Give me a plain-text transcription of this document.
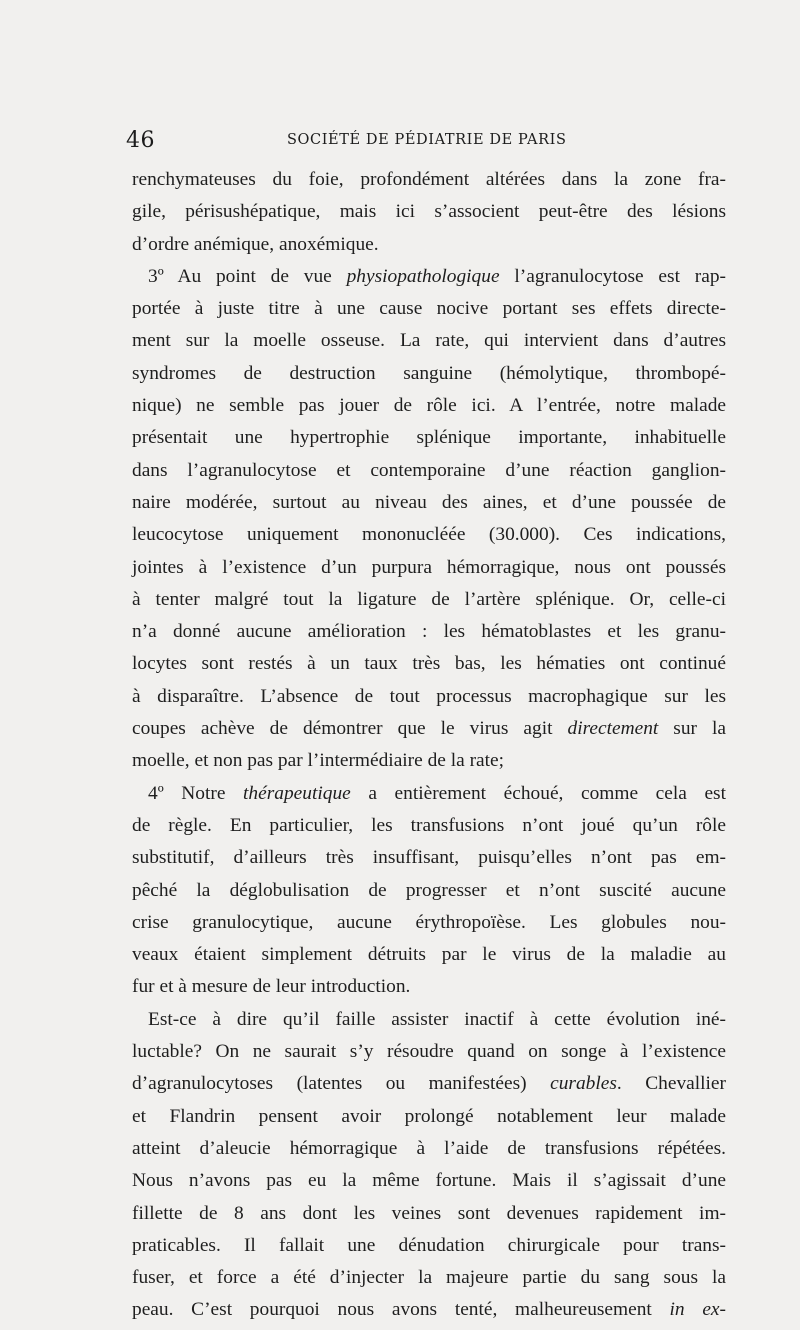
46	SOCIÉTÉ DE PÉDIATRIE DE PARIS
renchymateuses du foie, profondément altérées dans la zone fra-
gile, périsushépatique, mais ici s’associent peut-être des lésions
d’ordre anémique, anoxémique.
3º Au point de vue physiopathologique l’agranulocytose est rap-
portée à juste titre à une cause nocive portant ses effets directe-
ment sur la moelle osseuse. La rate, qui intervient dans d’autres
syndromes de destruction sanguine (hémolytique, thrombopé-
nique) ne semble pas jouer de rôle ici. A l’entrée, notre malade
présentait une hypertrophie splénique importante, inhabituelle
dans l’agranulocytose et contemporaine d’une réaction ganglion-
naire modérée, surtout au niveau des aines, et d’une poussée de
leucocytose uniquement mononucléée (30.000). Ces indications,
jointes à l’existence d’un purpura hémorragique, nous ont poussés
à tenter malgré tout la ligature de l’artère splénique. Or, celle-ci
n’a donné aucune amélioration : les hématoblastes et les granu-
locytes sont restés à un taux très bas, les hématies ont continué
à disparaître. L’absence de tout processus macrophagique sur les
coupes achève de démontrer que le virus agit directement sur la
moelle, et non pas par l’intermédiaire de la rate;
4º Notre thérapeutique a entièrement échoué, comme cela est
de règle. En particulier, les transfusions n’ont joué qu’un rôle
substitutif, d’ailleurs très insuffisant, puisqu’elles n’ont pas em-
pêché la déglobulisation de progresser et n’ont suscité aucune
crise granulocytique, aucune érythropoïèse. Les globules nou-
veaux étaient simplement détruits par le virus de la maladie au
fur et à mesure de leur introduction.
Est-ce à dire qu’il faille assister inactif à cette évolution iné-
luctable? On ne saurait s’y résoudre quand on songe à l’existence
d’agranulocytoses (latentes ou manifestées) curables. Chevallier
et Flandrin pensent avoir prolongé notablement leur malade
atteint d’aleucie hémorragique à l’aide de transfusions répétées.
Nous n’avons pas eu la même fortune. Mais il s’agissait d’une
fillette de 8 ans dont les veines sont devenues rapidement im-
praticables. Il fallait une dénudation chirurgicale pour trans-
fuser, et force a été d’injecter la majeure partie du sang sous la
peau. C’est pourquoi nous avons tenté, malheureusement in ex-
